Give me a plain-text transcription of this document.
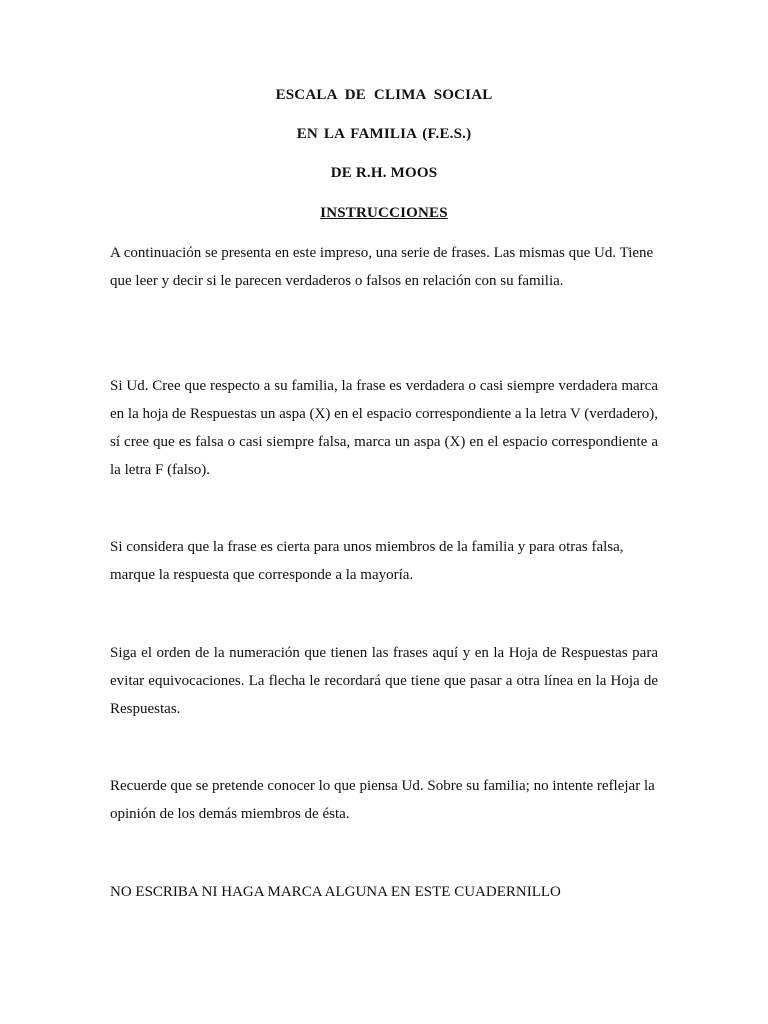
ESCALA DE CLIMA SOCIAL
EN LA FAMILIA (F.E.S.)
DE R.H. MOOS
INSTRUCCIONES

A continuación se presenta en este impreso, una serie de frases. Las mismas que Ud. Tiene que leer y decir si le parecen verdaderos o falsos en relación con su familia.

Si Ud. Cree que respecto a su familia, la frase es verdadera o casi siempre verdadera marca en la hoja de Respuestas un aspa (X) en el espacio correspondiente a la letra V (verdadero), sí cree que es falsa o casi siempre falsa, marca un aspa (X) en el espacio correspondiente a la letra F (falso).

Si considera que la frase es cierta para unos miembros de la familia y para otras falsa, marque la respuesta que corresponde a la mayoría.

Siga el orden de la numeración que tienen las frases aquí y en la Hoja de Respuestas para evitar equivocaciones. La flecha le recordará que tiene que pasar a otra línea en la Hoja de Respuestas.

Recuerde que se pretende conocer lo que piensa Ud. Sobre su familia; no intente reflejar la opinión de los demás miembros de ésta.

NO ESCRIBA NI HAGA MARCA ALGUNA EN ESTE CUADERNILLO
